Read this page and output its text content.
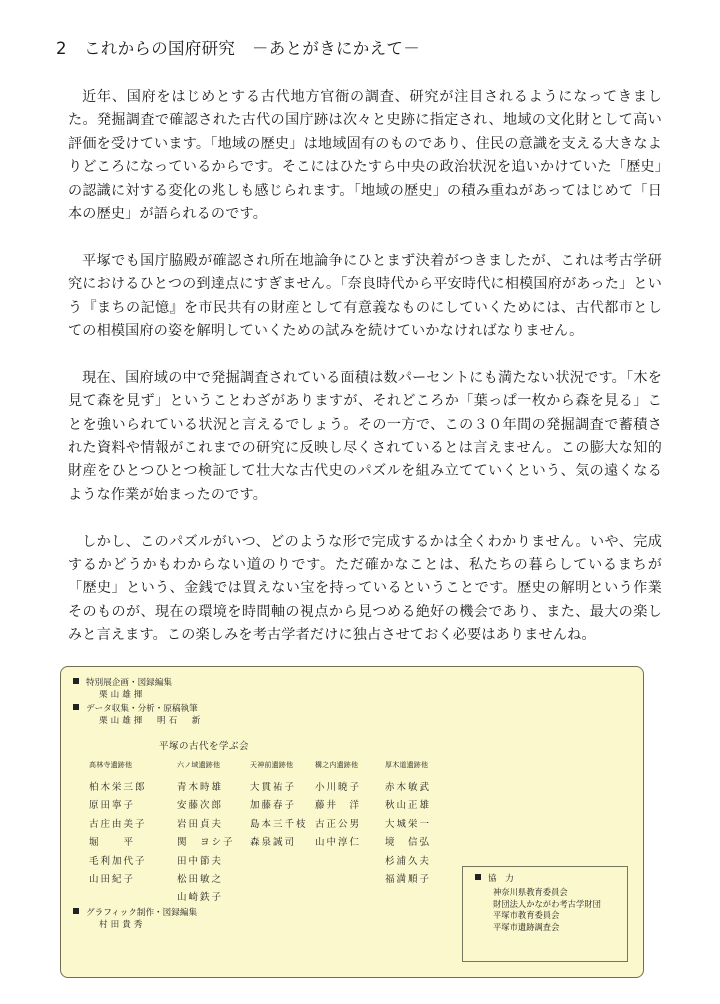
2 これからの国府研究　－あとがきにかえて－

近年、国府をはじめとする古代地方官衙の調査、研究が注目されるようになってきました。発掘調査で確認された古代の国庁跡は次々と史跡に指定され、地域の文化財として高い評価を受けています。「地域の歴史」は地域固有のものであり、住民の意識を支える大きなよりどころになっているからです。そこにはひたすら中央の政治状況を追いかけていた「歴史」の認識に対する変化の兆しも感じられます。「地域の歴史」の積み重ねがあってはじめて「日本の歴史」が語られるのです。

平塚でも国庁脇殿が確認され所在地論争にひとまず決着がつきましたが、これは考古学研究におけるひとつの到達点にすぎません。「奈良時代から平安時代に相模国府があった」という『まちの記憶』を市民共有の財産として有意義なものにしていくためには、古代都市としての相模国府の姿を解明していくための試みを続けていかなければなりません。

現在、国府域の中で発掘調査されている面積は数パーセントにも満たない状況です。「木を見て森を見ず」ということわざがありますが、それどころか「葉っぱ一枚から森を見る」ことを強いられている状況と言えるでしょう。その一方で、この３０年間の発掘調査で蓄積された資料や情報がこれまでの研究に反映し尽くされているとは言えません。この膨大な知的財産をひとつひとつ検証して壮大な古代史のパズルを組み立てていくという、気の遠くなるような作業が始まったのです。

しかし、このパズルがいつ、どのような形で完成するかは全くわかりません。いや、完成するかどうかもわからない道のりです。ただ確かなことは、私たちの暮らしているまちが「歴史」という、金銭では買えない宝を持っているということです。歴史の解明という作業そのものが、現在の環境を時間軸の視点から見つめる絶好の機会であり、また、最大の楽しみと言えます。この楽しみを考古学者だけに独占させておく必要はありませんね。

特別展企画・図録編集
栗山雄揮
データ収集・分析・原稿執筆
栗山雄揮　明石　新
平塚の古代を学ぶ会
高林寺遺跡他
柏木栄三郎
原田寧子
古庄由美子
堀　　平
毛利加代子
山田紀子
六ノ域遺跡他
青木時雄
安藤次郎
岩田貞夫
関　ヨシ子
田中節夫
松田敏之
山崎鉄子
天神前遺跡他
大貫祐子
加藤春子
島本三千枝
森泉誠司
構之内遺跡他
小川暁子
藤井　洋
古正公男
山中淳仁
厚木道遺跡他
赤木敏武
秋山正雄
大城栄一
境　信弘
杉浦久夫
福満順子
グラフィック制作・図録編集
村田貴秀
協　力
神奈川県教育委員会
財団法人かながわ考古学財団
平塚市教育委員会
平塚市遺跡調査会
